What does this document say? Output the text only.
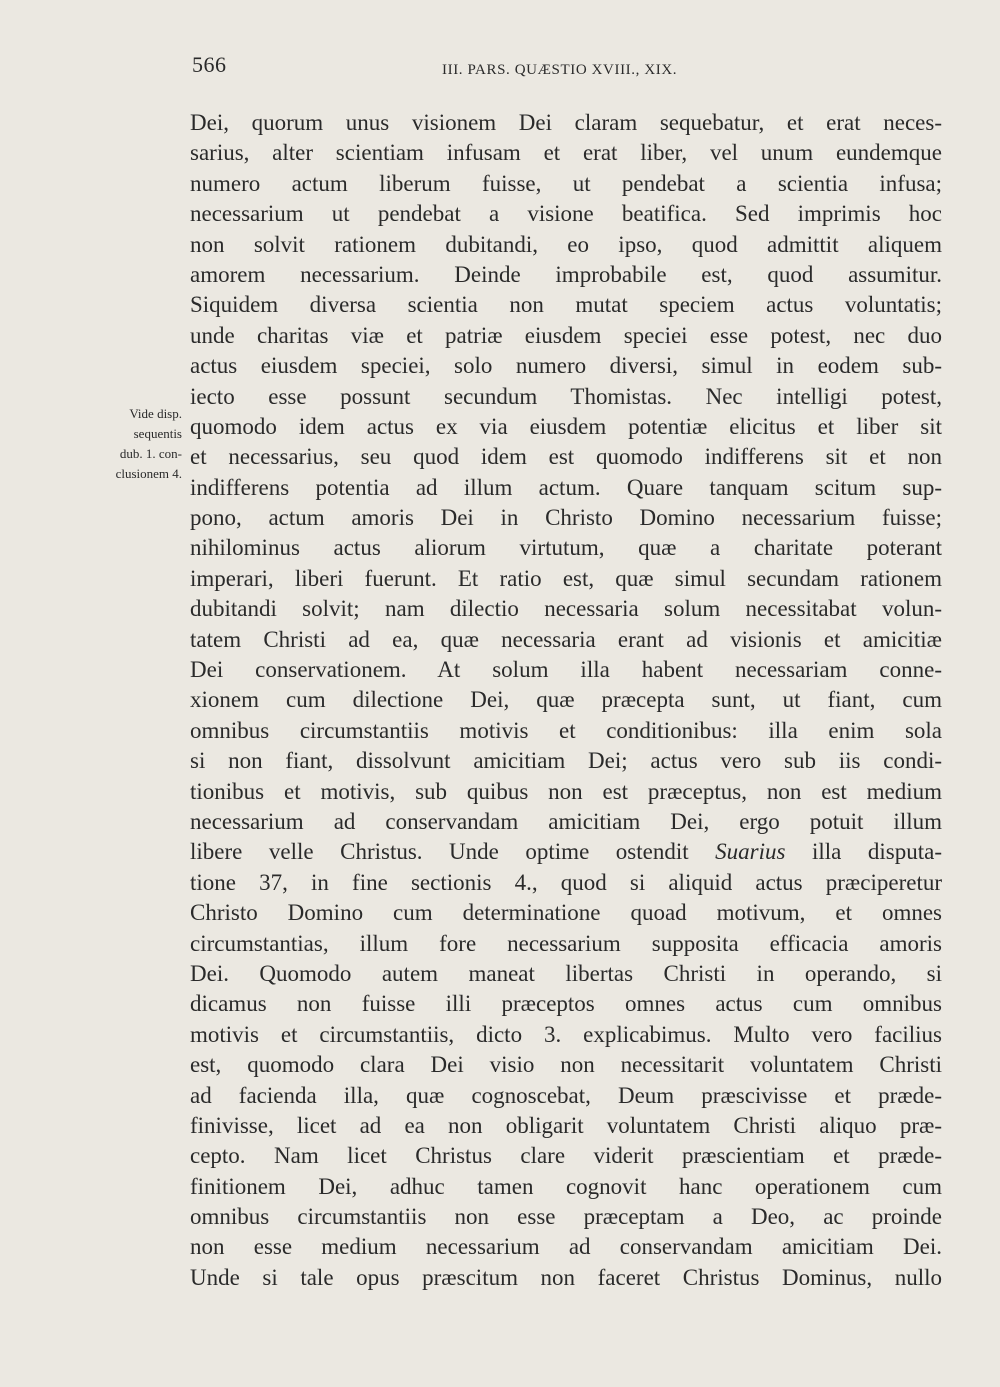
566	III. PARS. QUÆSTIO XVIII., XIX.
Vide disp.
sequentis
dub. 1. con-
clusionem 4.
Dei, quorum unus visionem Dei claram sequebatur, et erat neces-
sarius, alter scientiam infusam et erat liber, vel unum eundemque
numero actum liberum fuisse, ut pendebat a scientia infusa;
necessarium ut pendebat a visione beatifica. Sed imprimis hoc
non solvit rationem dubitandi, eo ipso, quod admittit aliquem
amorem necessarium. Deinde improbabile est, quod assumitur.
Siquidem diversa scientia non mutat speciem actus voluntatis;
unde charitas viæ et patriæ eiusdem speciei esse potest, nec duo
actus eiusdem speciei, solo numero diversi, simul in eodem sub-
iecto esse possunt secundum Thomistas. Nec intelligi potest,
quomodo idem actus ex via eiusdem potentiæ elicitus et liber sit
et necessarius, seu quod idem est quomodo indifferens sit et non
indifferens potentia ad illum actum. Quare tanquam scitum sup-
pono, actum amoris Dei in Christo Domino necessarium fuisse;
nihilominus actus aliorum virtutum, quæ a charitate poterant
imperari, liberi fuerunt. Et ratio est, quæ simul secundam rationem
dubitandi solvit; nam dilectio necessaria solum necessitabat volun-
tatem Christi ad ea, quæ necessaria erant ad visionis et amicitiæ
Dei conservationem. At solum illa habent necessariam conne-
xionem cum dilectione Dei, quæ præcepta sunt, ut fiant, cum
omnibus circumstantiis motivis et conditionibus: illa enim sola
si non fiant, dissolvunt amicitiam Dei; actus vero sub iis condi-
tionibus et motivis, sub quibus non est præceptus, non est medium
necessarium ad conservandam amicitiam Dei, ergo potuit illum
libere velle Christus. Unde optime ostendit Suarius illa disputa-
tione 37, in fine sectionis 4., quod si aliquid actus præciperetur
Christo Domino cum determinatione quoad motivum, et omnes
circumstantias, illum fore necessarium supposita efficacia amoris
Dei. Quomodo autem maneat libertas Christi in operando, si
dicamus non fuisse illi præceptos omnes actus cum omnibus
motivis et circumstantiis, dicto 3. explicabimus. Multo vero facilius
est, quomodo clara Dei visio non necessitarit voluntatem Christi
ad facienda illa, quæ cognoscebat, Deum præscivisse et præde-
finivisse, licet ad ea non obligarit voluntatem Christi aliquo præ-
cepto. Nam licet Christus clare viderit præscientiam et præde-
finitionem Dei, adhuc tamen cognovit hanc operationem cum
omnibus circumstantiis non esse præceptam a Deo, ac proinde
non esse medium necessarium ad conservandam amicitiam Dei.
Unde si tale opus præscitum non faceret Christus Dominus, nullo
